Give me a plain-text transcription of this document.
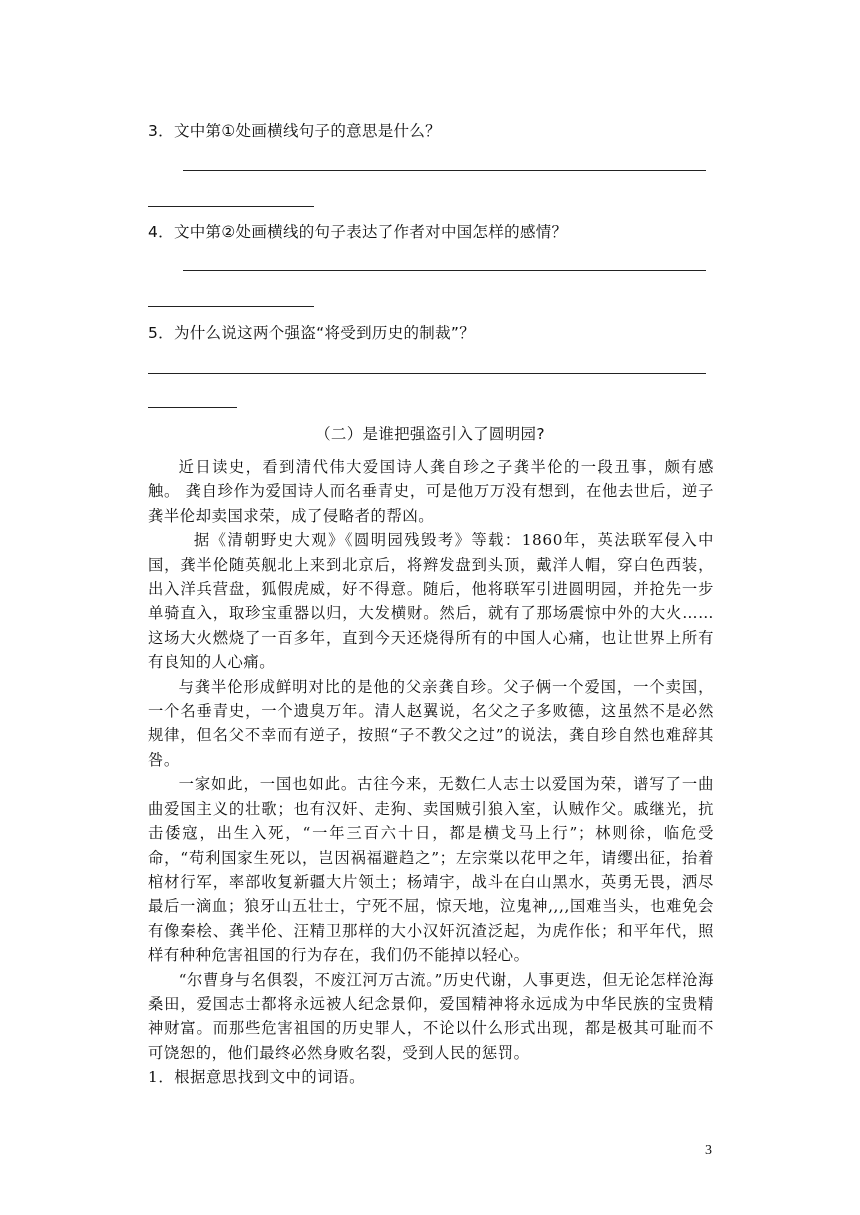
3．文中第①处画横线句子的意思是什么？
4．文中第②处画横线的句子表达了作者对中国怎样的感情？
5．为什么说这两个强盗“将受到历史的制裁”？
（二）是谁把强盗引入了圆明园?

近日读史，看到清代伟大爱国诗人龚自珍之子龚半伦的一段丑事，颇有感触。 龚自珍作为爱国诗人而名垂青史，可是他万万没有想到，在他去世后，逆子龚半伦却卖国求荣，成了侵略者的帮凶。

据《清朝野史大观》《圆明园残毁考》等载：1860年，英法联军侵入中国，龚半伦随英舰北上来到北京后，将辫发盘到头顶，戴洋人帽，穿白色西装，出入洋兵营盘，狐假虎威，好不得意。随后，他将联军引进圆明园，并抢先一步单骑直入，取珍宝重器以归，大发横财。然后，就有了那场震惊中外的大火……这场大火燃烧了一百多年，直到今天还烧得所有的中国人心痛，也让世界上所有有良知的人心痛。

与龚半伦形成鲜明对比的是他的父亲龚自珍。父子俩一个爱国，一个卖国，一个名垂青史，一个遗臭万年。清人赵翼说，名父之子多败德，这虽然不是必然规律，但名父不幸而有逆子，按照“子不教父之过”的说法，龚自珍自然也难辞其咎。

一家如此，一国也如此。古往今来，无数仁人志士以爱国为荣，谱写了一曲曲爱国主义的壮歌；也有汉奸、走狗、卖国贼引狼入室，认贼作父。戚继光，抗击倭寇，出生入死，“一年三百六十日，都是横戈马上行”；林则徐，临危受命，“苟利国家生死以，岂因祸福避趋之”；左宗棠以花甲之年，请缨出征，抬着棺材行军，率部收复新疆大片领土；杨靖宇，战斗在白山黑水，英勇无畏，洒尽最后一滴血；狼牙山五壮士，宁死不屈，惊天地，泣鬼神,,,,国难当头，也难免会有像秦桧、龚半伦、汪精卫那样的大小汉奸沉渣泛起，为虎作伥；和平年代，照样有种种危害祖国的行为存在，我们仍不能掉以轻心。

“尔曹身与名俱裂，不废江河万古流。”历史代谢，人事更迭，但无论怎样沧海桑田，爱国志士都将永远被人纪念景仰，爱国精神将永远成为中华民族的宝贵精神财富。而那些危害祖国的历史罪人，不论以什么形式出现，都是极其可耻而不可饶恕的，他们最终必然身败名裂，受到人民的惩罚。

1．根据意思找到文中的词语。

3
